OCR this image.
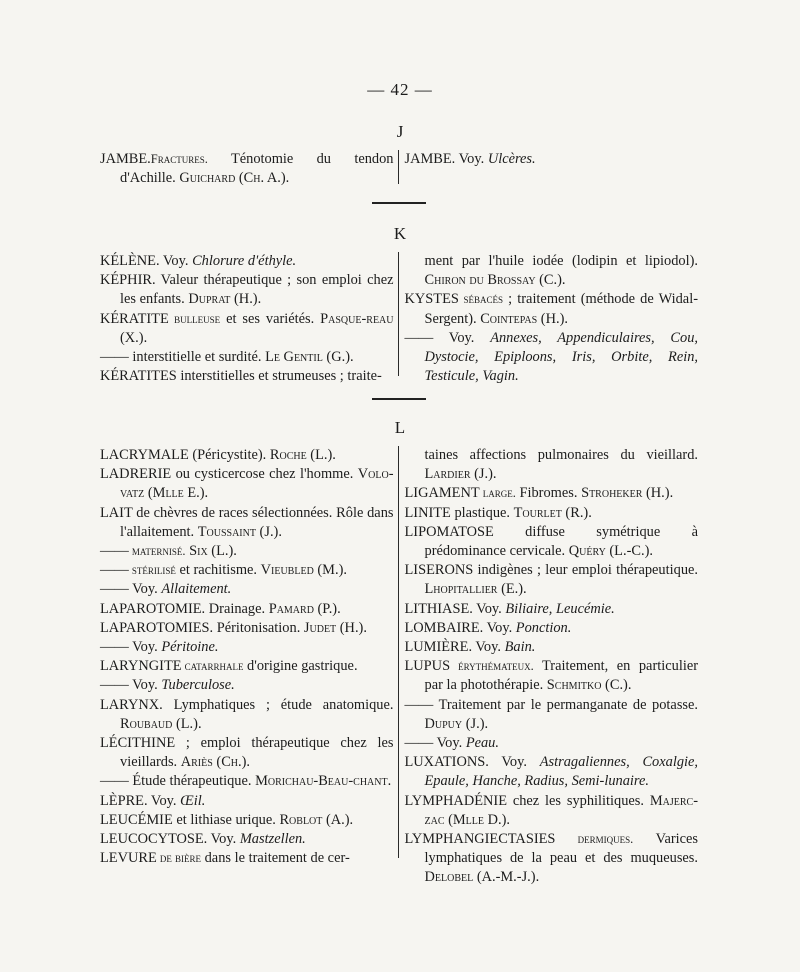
— 42 —
J
JAMBE.Fractures. Ténotomie du tendon d'Achille. Guichard (Ch. A.).
JAMBE. Voy. Ulcères.
K
KÉLÈNE. Voy. Chlorure d'éthyle.
KÉPHIR. Valeur thérapeutique ; son emploi chez les enfants. Duprat (H.).
KÉRATITE bulleuse et ses variétés. Pasque-reau (X.).
—— interstitielle et surdité. Le Gentil (G.).
KÉRATITES interstitielles et strumeuses ; traite-
ment par l'huile iodée (lodipin et lipiodol). Chiron du Brossay (C.).
KYSTES sébacés ; traitement (méthode de Widal-Sergent). Cointepas (H.).
—— Voy. Annexes, Appendiculaires, Cou, Dystocie, Epiploons, Iris, Orbite, Rein, Testicule, Vagin.
L
LACRYMALE (Péricystite). Roche (L.).
LADRERIE ou cysticercose chez l'homme. Volo-vatz (Mlle E.).
LAIT de chèvres de races sélectionnées. Rôle dans l'allaitement. Toussaint (J.).
—— maternisé. Six (L.).
—— stérilisé et rachitisme. Vieubled (M.).
—— Voy. Allaitement.
LAPAROTOMIE. Drainage. Pamard (P.).
LAPAROTOMIES. Péritonisation. Judet (H.).
—— Voy. Péritoine.
LARYNGITE catarrhale d'origine gastrique.
—— Voy. Tuberculose.
LARYNX. Lymphatiques ; étude anatomique. Roubaud (L.).
LÉCITHINE ; emploi thérapeutique chez les vieillards. Ariès (Ch.).
—— Étude thérapeutique. Morichau-Beau-chant.
LÈPRE. Voy. Œil.
LEUCÉMIE et lithiase urique. Roblot (A.).
LEUCOCYTOSE. Voy. Mastzellen.
LEVURE de bière dans le traitement de cer-
taines affections pulmonaires du vieillard. Lardier (J.).
LIGAMENT large. Fibromes. Stroheker (H.).
LINITE plastique. Tourlet (R.).
LIPOMATOSE diffuse symétrique à prédominance cervicale. Quéry (L.-C.).
LISERONS indigènes ; leur emploi thérapeutique. Lhopitallier (E.).
LITHIASE. Voy. Biliaire, Leucémie.
LOMBAIRE. Voy. Ponction.
LUMIÈRE. Voy. Bain.
LUPUS érythémateux. Traitement, en particulier par la photothérapie. Schmitko (C.).
—— Traitement par le permanganate de potasse. Dupuy (J.).
—— Voy. Peau.
LUXATIONS. Voy. Astragaliennes, Coxalgie, Epaule, Hanche, Radius, Semi-lunaire.
LYMPHADÉNIE chez les syphilitiques. Majerc-zac (Mlle D.).
LYMPHANGIECTASIES dermiques. Varices lymphatiques de la peau et des muqueuses. Delobel (A.-M.-J.).
